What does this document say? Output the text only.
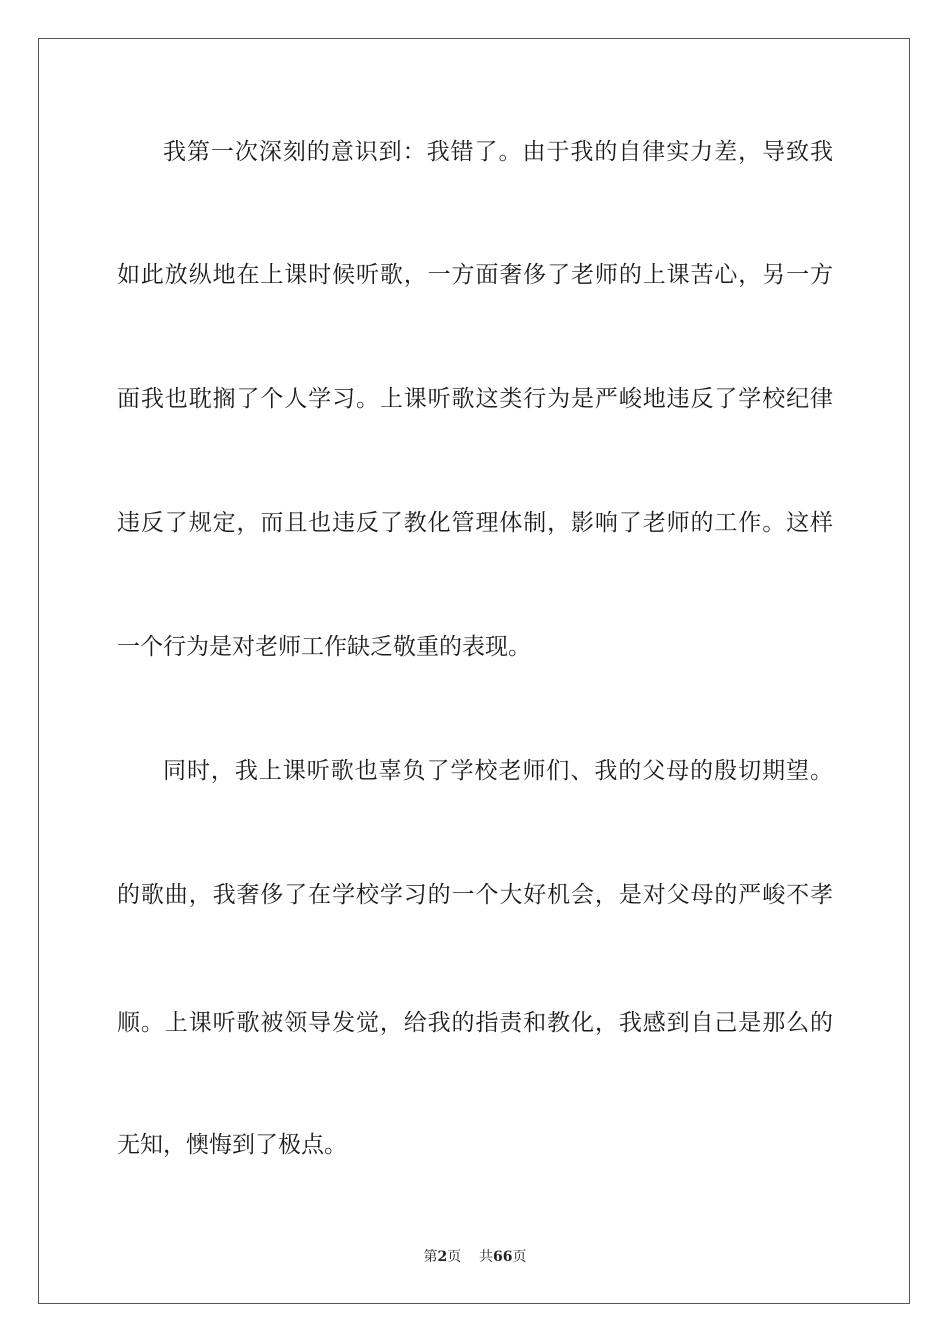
我第一次深刻的意识到：我错了。由于我的自律实力差，导致我
如此放纵地在上课时候听歌，一方面奢侈了老师的上课苦心，另一方
面我也耽搁了个人学习。上课听歌这类行为是严峻地违反了学校纪律
违反了规定，而且也违反了教化管理体制，影响了老师的工作。这样
一个行为是对老师工作缺乏敬重的表现。
同时，我上课听歌也辜负了学校老师们、我的父母的殷切期望。
的歌曲，我奢侈了在学校学习的一个大好机会，是对父母的严峻不孝
顺。上课听歌被领导发觉，给我的指责和教化，我感到自己是那么的
无知，懊悔到了极点。
第2页 共66页
